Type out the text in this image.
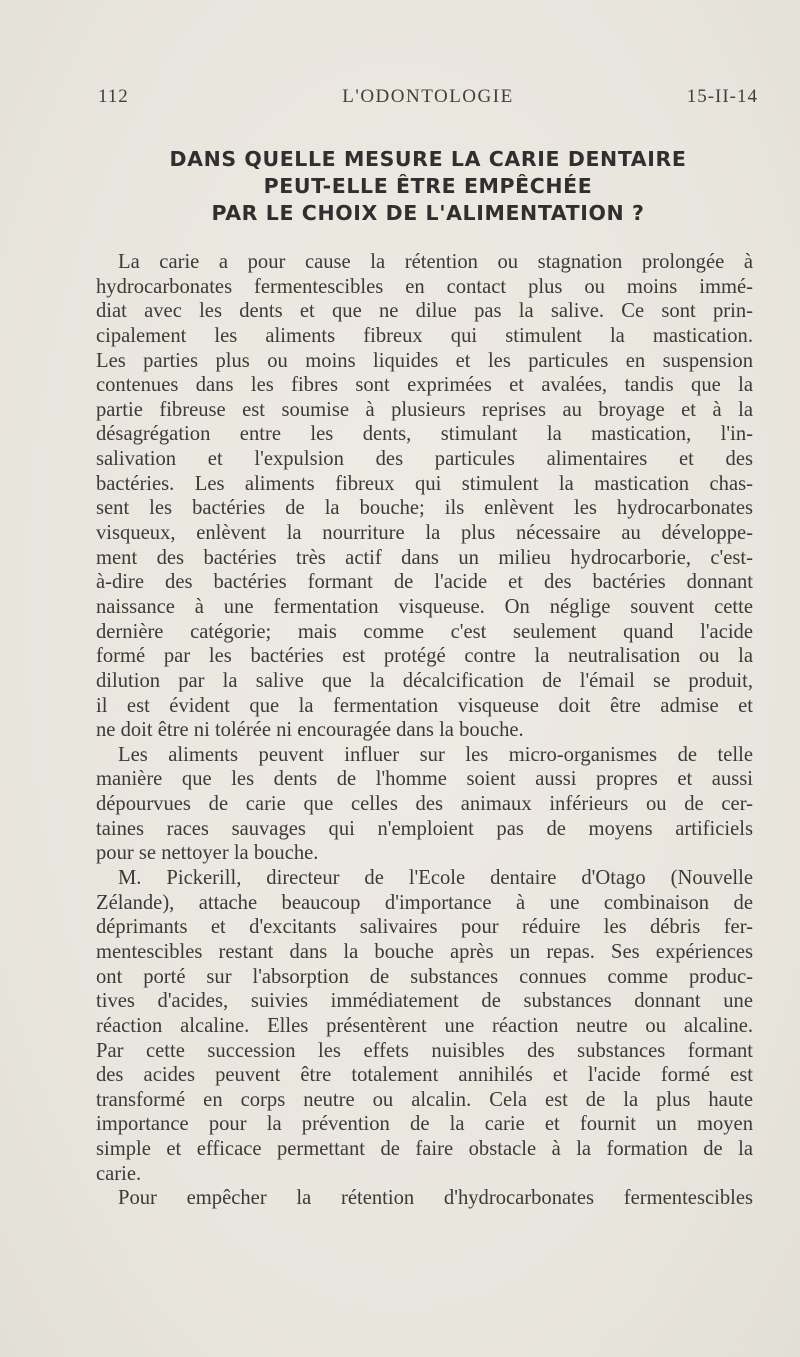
112	L'ODONTOLOGIE	15-II-14
DANS QUELLE MESURE LA CARIE DENTAIRE
PEUT-ELLE ÊTRE EMPÊCHÉE
PAR LE CHOIX DE L'ALIMENTATION ?
La carie a pour cause la rétention ou stagnation prolongée à
hydrocarbonates fermentescibles en contact plus ou moins immé-
diat avec les dents et que ne dilue pas la salive. Ce sont prin-
cipalement les aliments fibreux qui stimulent la mastication.
Les parties plus ou moins liquides et les particules en suspension
contenues dans les fibres sont exprimées et avalées, tandis que la
partie fibreuse est soumise à plusieurs reprises au broyage et à la
désagrégation entre les dents, stimulant la mastication, l'in-
salivation et l'expulsion des particules alimentaires et des
bactéries. Les aliments fibreux qui stimulent la mastication chas-
sent les bactéries de la bouche; ils enlèvent les hydrocarbonates
visqueux, enlèvent la nourriture la plus nécessaire au développe-
ment des bactéries très actif dans un milieu hydrocarborie, c'est-
à-dire des bactéries formant de l'acide et des bactéries donnant
naissance à une fermentation visqueuse. On néglige souvent cette
dernière catégorie; mais comme c'est seulement quand l'acide
formé par les bactéries est protégé contre la neutralisation ou la
dilution par la salive que la décalcification de l'émail se produit,
il est évident que la fermentation visqueuse doit être admise et
ne doit être ni tolérée ni encouragée dans la bouche.
Les aliments peuvent influer sur les micro-organismes de telle
manière que les dents de l'homme soient aussi propres et aussi
dépourvues de carie que celles des animaux inférieurs ou de cer-
taines races sauvages qui n'emploient pas de moyens artificiels
pour se nettoyer la bouche.
M. Pickerill, directeur de l'Ecole dentaire d'Otago (Nouvelle
Zélande), attache beaucoup d'importance à une combinaison de
déprimants et d'excitants salivaires pour réduire les débris fer-
mentescibles restant dans la bouche après un repas. Ses expériences
ont porté sur l'absorption de substances connues comme produc-
tives d'acides, suivies immédiatement de substances donnant une
réaction alcaline. Elles présentèrent une réaction neutre ou alcaline.
Par cette succession les effets nuisibles des substances formant
des acides peuvent être totalement annihilés et l'acide formé est
transformé en corps neutre ou alcalin. Cela est de la plus haute
importance pour la prévention de la carie et fournit un moyen
simple et efficace permettant de faire obstacle à la formation de la
carie.
Pour empêcher la rétention d'hydrocarbonates fermentescibles
